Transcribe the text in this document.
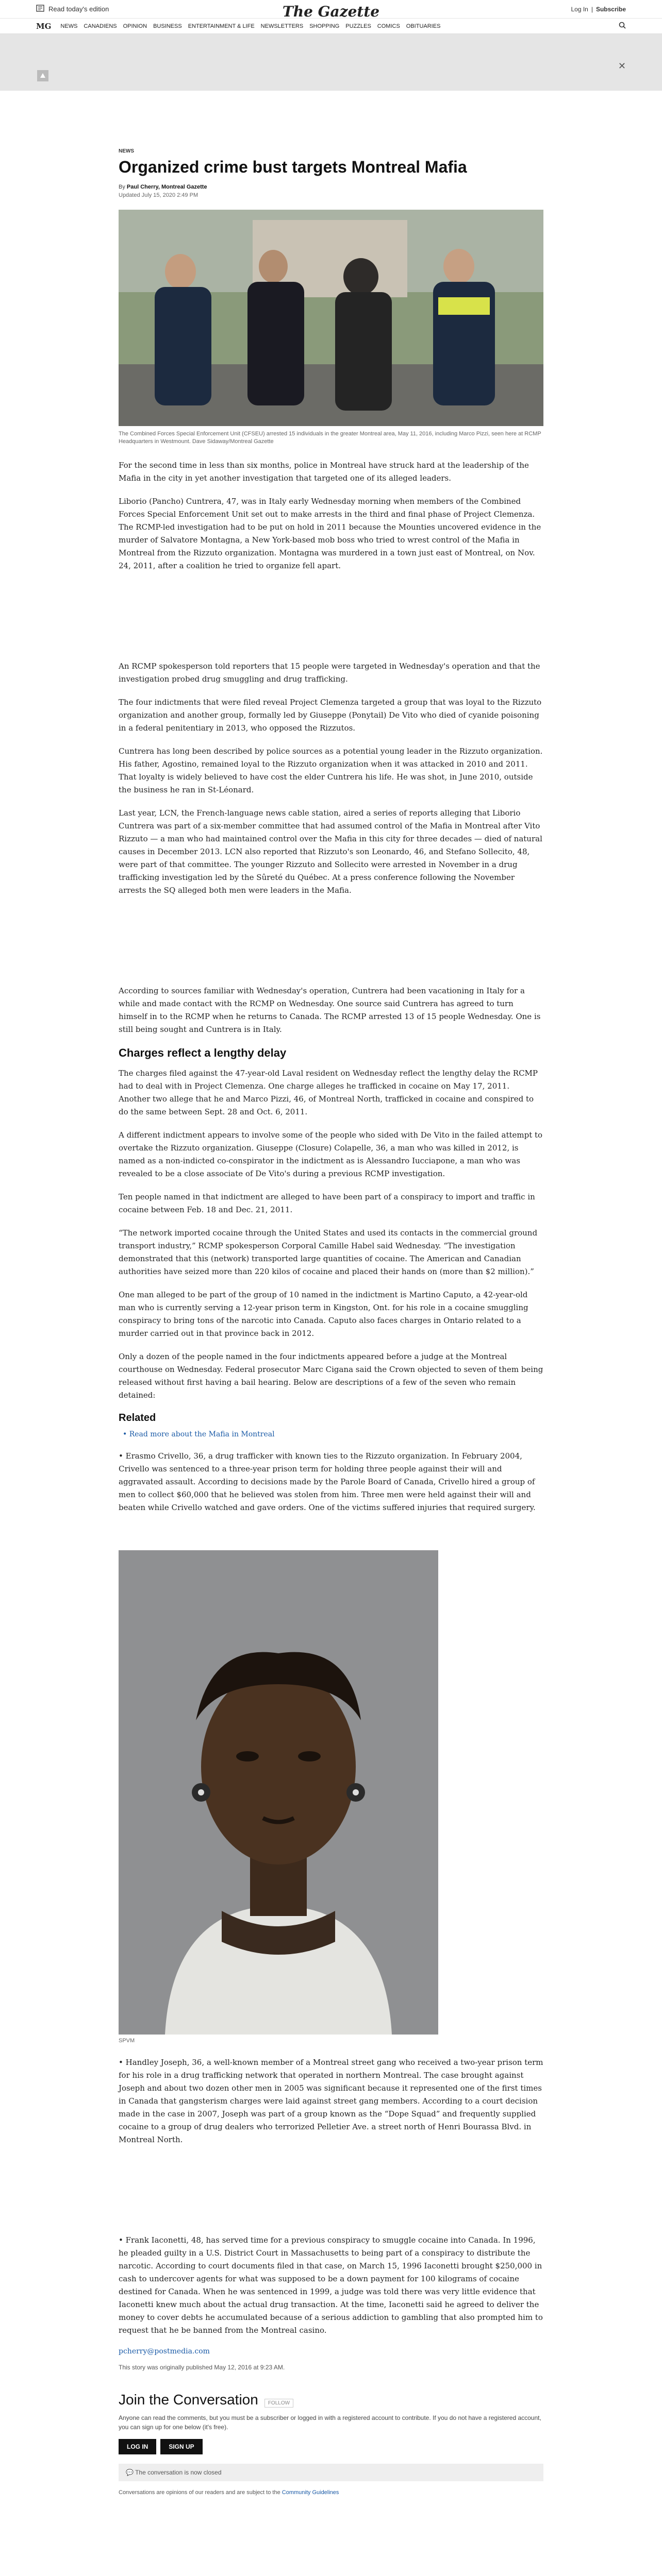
Read today's edition	Log In | Subscribe
The Gazette
MG NEWS CANADIENS OPINION BUSINESS ENTERTAINMENT & LIFE NEWSLETTERS SHOPPING PUZZLES COMICS OBITUARIES
✕
NEWS
Organized crime bust targets Montreal Mafia
By Paul Cherry, Montreal Gazette
Updated July 15, 2020 2:49 PM
The Combined Forces Special Enforcement Unit (CFSEU) arrested 15 individuals in the greater Montreal area, May 11, 2016, including Marco Pizzi, seen here at RCMP Headquarters in Westmount. Dave Sidaway/Montreal Gazette

For the second time in less than six months, police in Montreal have struck hard at the leadership of the Mafia in the city in yet another investigation that targeted one of its alleged leaders.

Liborio (Pancho) Cuntrera, 47, was in Italy early Wednesday morning when members of the Combined Forces Special Enforcement Unit set out to make arrests in the third and final phase of Project Clemenza. The RCMP-led investigation had to be put on hold in 2011 because the Mounties uncovered evidence in the murder of Salvatore Montagna, a New York-based mob boss who tried to wrest control of the Mafia in Montreal from the Rizzuto organization. Montagna was murdered in a town just east of Montreal, on Nov. 24, 2011, after a coalition he tried to organize fell apart.

An RCMP spokesperson told reporters that 15 people were targeted in Wednesday's operation and that the investigation probed drug smuggling and drug trafficking.

The four indictments that were filed reveal Project Clemenza targeted a group that was loyal to the Rizzuto organization and another group, formally led by Giuseppe (Ponytail) De Vito who died of cyanide poisoning in a federal penitentiary in 2013, who opposed the Rizzutos.

Cuntrera has long been described by police sources as a potential young leader in the Rizzuto organization. His father, Agostino, remained loyal to the Rizzuto organization when it was attacked in 2010 and 2011. That loyalty is widely believed to have cost the elder Cuntrera his life. He was shot, in June 2010, outside the business he ran in St-Léonard.

Last year, LCN, the French-language news cable station, aired a series of reports alleging that Liborio Cuntrera was part of a six-member committee that had assumed control of the Mafia in Montreal after Vito Rizzuto — a man who had maintained control over the Mafia in this city for three decades — died of natural causes in December 2013. LCN also reported that Rizzuto's son Leonardo, 46, and Stefano Sollecito, 48, were part of that committee. The younger Rizzuto and Sollecito were arrested in November in a drug trafficking investigation led by the Sûreté du Québec. At a press conference following the November arrests the SQ alleged both men were leaders in the Mafia.

According to sources familiar with Wednesday's operation, Cuntrera had been vacationing in Italy for a while and made contact with the RCMP on Wednesday. One source said Cuntrera has agreed to turn himself in to the RCMP when he returns to Canada. The RCMP arrested 13 of 15 people Wednesday. One is still being sought and Cuntrera is in Italy.

Charges reflect a lengthy delay

The charges filed against the 47-year-old Laval resident on Wednesday reflect the lengthy delay the RCMP had to deal with in Project Clemenza. One charge alleges he trafficked in cocaine on May 17, 2011. Another two allege that he and Marco Pizzi, 46, of Montreal North, trafficked in cocaine and conspired to do the same between Sept. 28 and Oct. 6, 2011.

A different indictment appears to involve some of the people who sided with De Vito in the failed attempt to overtake the Rizzuto organization. Giuseppe (Closure) Colapelle, 36, a man who was killed in 2012, is named as a non-indicted co-conspirator in the indictment as is Alessandro Iucciapone, a man who was revealed to be a close associate of De Vito's during a previous RCMP investigation.

Ten people named in that indictment are alleged to have been part of a conspiracy to import and traffic in cocaine between Feb. 18 and Dec. 21, 2011.

“The network imported cocaine through the United States and used its contacts in the commercial ground transport industry,” RCMP spokesperson Corporal Camille Habel said Wednesday. “The investigation demonstrated that this (network) transported large quantities of cocaine. The American and Canadian authorities have seized more than 220 kilos of cocaine and placed their hands on (more than $2 million).”

One man alleged to be part of the group of 10 named in the indictment is Martino Caputo, a 42-year-old man who is currently serving a 12-year prison term in Kingston, Ont. for his role in a cocaine smuggling conspiracy to bring tons of the narcotic into Canada. Caputo also faces charges in Ontario related to a murder carried out in that province back in 2012.

Only a dozen of the people named in the four indictments appeared before a judge at the Montreal courthouse on Wednesday. Federal prosecutor Marc Cigana said the Crown objected to seven of them being released without first having a bail hearing. Below are descriptions of a few of the seven who remain detained:

Related
• Read more about the Mafia in Montreal

• Erasmo Crivello, 36, a drug trafficker with known ties to the Rizzuto organization. In February 2004, Crivello was sentenced to a three-year prison term for holding three people against their will and aggravated assault. According to decisions made by the Parole Board of Canada, Crivello hired a group of men to collect $60,000 that he believed was stolen from him. Three men were held against their will and beaten while Crivello watched and gave orders. One of the victims suffered injuries that required surgery.

SPVM

• Handley Joseph, 36, a well-known member of a Montreal street gang who received a two-year prison term for his role in a drug trafficking network that operated in northern Montreal. The case brought against Joseph and about two dozen other men in 2005 was significant because it represented one of the first times in Canada that gangsterism charges were laid against street gang members. According to a court decision made in the case in 2007, Joseph was part of a group known as the “Dope Squad” and frequently supplied cocaine to a group of drug dealers who terrorized Pelletier Ave. a street north of Henri Bourassa Blvd. in Montreal North.

• Frank Iaconetti, 48, has served time for a previous conspiracy to smuggle cocaine into Canada. In 1996, he pleaded guilty in a U.S. District Court in Massachusetts to being part of a conspiracy to distribute the narcotic. According to court documents filed in that case, on March 15, 1996 Iaconetti brought $250,000 in cash to undercover agents for what was supposed to be a down payment for 100 kilograms of cocaine destined for Canada. When he was sentenced in 1999, a judge was told there was very little evidence that Iaconetti knew much about the actual drug transaction. At the time, Iaconetti said he agreed to deliver the money to cover debts he accumulated because of a serious addiction to gambling that also prompted him to request that he be banned from the Montreal casino.

pcherry@postmedia.com
This story was originally published May 12, 2016 at 9:23 AM.
Join the Conversation	FOLLOW
Anyone can read the comments, but you must be a subscriber or logged in with a registered account to contribute. If you do not have a registered account, you can sign up for one below (it's free).
LOG IN	SIGN UP
💬 The conversation is now closed
Conversations are opinions of our readers and are subject to the Community Guidelines
